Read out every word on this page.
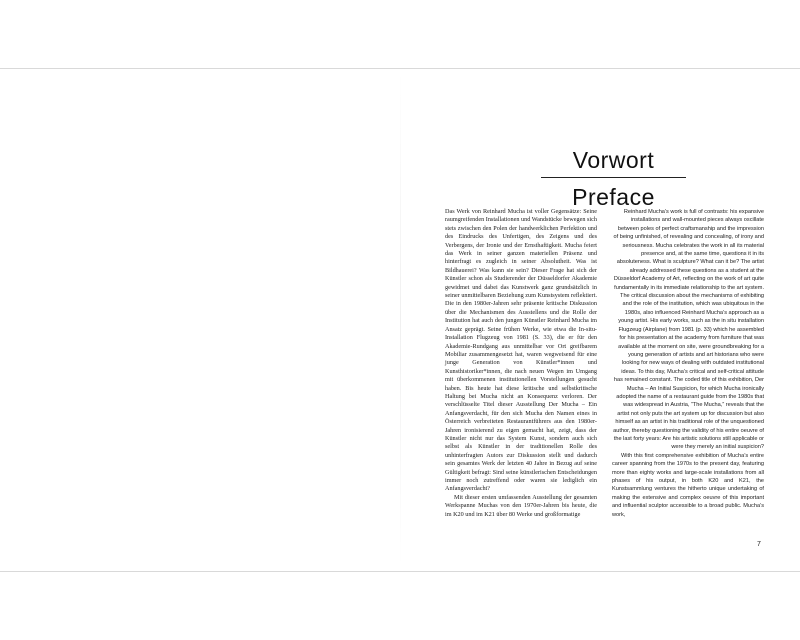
Vorwort
Preface

Das Werk von Reinhard Mucha ist voller Gegensätze: Seine raumgreifenden Installationen und Wandstücke bewegen sich stets zwischen den Polen der handwerklichen Perfektion und des Eindrucks des Unfertigen, des Zeigens und des Verbergens, der Ironie und der Ernsthaftigkeit. Mucha feiert das Werk in seiner ganzen materiellen Präsenz und hinterfragt es zugleich in seiner Absolutheit. Was ist Bildhauerei? Was kann sie sein? Dieser Frage hat sich der Künstler schon als Studierender der Düsseldorfer Akademie gewidmet und dabei das Kunstwerk ganz grundsätzlich in seiner unmittelbaren Beziehung zum Kunstsystem reflektiert. Die in den 1980er-Jahren sehr präsente kritische Diskussion über die Mechanismen des Ausstellens und die Rolle der Institution hat auch den jungen Künstler Reinhard Mucha im Ansatz geprägt. Seine frühen Werke, wie etwa die In-situ-Installation Flugzeug von 1981 (S. 33), die er für den Akademie-Rundgang aus unmittelbar vor Ort greifbarem Mobiliar zusammengesetzt hat, waren wegweisend für eine junge Generation von Künstler*innen und Kunsthistoriker*innen, die nach neuen Wegen im Umgang mit überkommenen institutionellen Vorstellungen gesucht haben. Bis heute hat diese kritische und selbstkritische Haltung bei Mucha nicht an Konsequenz verloren. Der verschlüsselte Titel dieser Ausstellung Der Mucha – Ein Anfangsverdacht, für den sich Mucha den Namen eines in Österreich verbreiteten Restaurantführers aus den 1980er-Jahren ironisierend zu eigen gemacht hat, zeigt, dass der Künstler nicht nur das System Kunst, sondern auch sich selbst als Künstler in der traditionellen Rolle des unhinterfragten Autors zur Diskussion stellt und dadurch sein gesamtes Werk der letzten 40 Jahre in Bezug auf seine Gültigkeit befragt: Sind seine künstlerischen Entscheidungen immer noch zutreffend oder waren sie lediglich ein Anfangsverdacht?

Mit dieser ersten umfassenden Ausstellung der gesamten Werkspanne Muchas von den 1970er-Jahren bis heute, die im K20 und im K21 über 80 Werke und großformatige

Reinhard Mucha’s work is full of contrasts: his expansive installations and wall-mounted pieces always oscillate between poles of perfect craftsmanship and the impression of being unfinished, of revealing and concealing, of irony and seriousness. Mucha celebrates the work in all its material presence and, at the same time, questions it in its absoluteness. What is sculpture? What can it be? The artist already addressed these questions as a student at the Düsseldorf Academy of Art, reflecting on the work of art quite fundamentally in its immediate relationship to the art system. The critical discussion about the mechanisms of exhibiting and the role of the institution, which was ubiquitous in the 1980s, also influenced Reinhard Mucha’s approach as a young artist. His early works, such as the in situ installation Flugzeug (Airplane) from 1981 (p. 33) which he assembled for his presentation at the academy from furniture that was available at the moment on site, were groundbreaking for a young generation of artists and art historians who were looking for new ways of dealing with outdated institutional ideas. To this day, Mucha’s critical and self-critical attitude has remained constant. The coded title of this exhibition, Der Mucha – An Initial Suspicion, for which Mucha ironically adopted the name of a restaurant guide from the 1980s that was widespread in Austria, “The Mucha,” reveals that the artist not only puts the art system up for discussion but also himself as an artist in his traditional role of the unquestioned author, thereby questioning the validity of his entire oeuvre of the last forty years: Are his artistic solutions still applicable or were they merely an initial suspicion?

With this first comprehensive exhibition of Mucha’s entire career spanning from the 1970s to the present day, featuring more than eighty works and large-scale installations from all phases of his output, in both K20 and K21, the Kunstsammlung ventures the hitherto unique undertaking of making the extensive and complex oeuvre of this important and influential sculptor accessible to a broad public. Mucha’s work,

7
